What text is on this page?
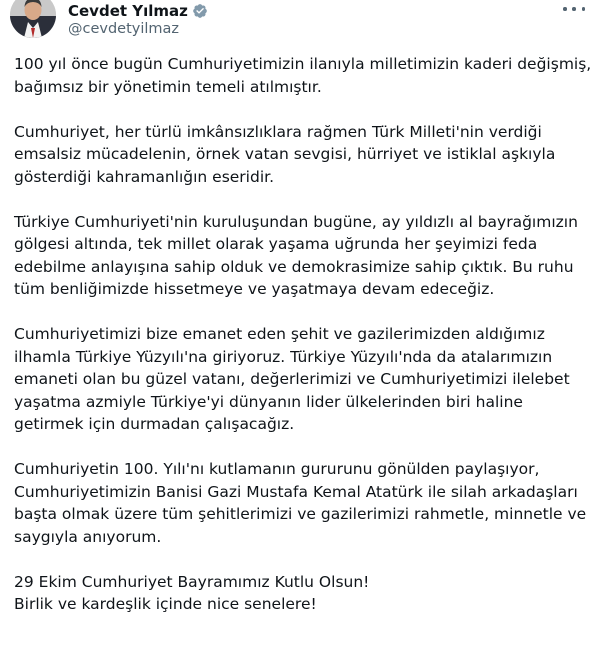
Cevdet Yılmaz
@cevdetyilmaz

100 yıl önce bugün Cumhuriyetimizin ilanıyla milletimizin kaderi değişmiş,
bağımsız bir yönetimin temeli atılmıştır.

Cumhuriyet, her türlü imkânsızlıklara rağmen Türk Milleti'nin verdiği
emsalsiz mücadelenin, örnek vatan sevgisi, hürriyet ve istiklal aşkıyla
gösterdiği kahramanlığın eseridir.

Türkiye Cumhuriyeti'nin kuruluşundan bugüne, ay yıldızlı al bayrağımızın
gölgesi altında, tek millet olarak yaşama uğrunda her şeyimizi feda
edebilme anlayışına sahip olduk ve demokrasimize sahip çıktık. Bu ruhu
tüm benliğimizde hissetmeye ve yaşatmaya devam edeceğiz.

Cumhuriyetimizi bize emanet eden şehit ve gazilerimizden aldığımız
ilhamla Türkiye Yüzyılı'na giriyoruz. Türkiye Yüzyılı'nda da atalarımızın
emaneti olan bu güzel vatanı, değerlerimizi ve Cumhuriyetimizi ilelebet
yaşatma azmiyle Türkiye'yi dünyanın lider ülkelerinden biri haline
getirmek için durmadan çalışacağız.

Cumhuriyetin 100. Yılı'nı kutlamanın gururunu gönülden paylaşıyor,
Cumhuriyetimizin Banisi Gazi Mustafa Kemal Atatürk ile silah arkadaşları
başta olmak üzere tüm şehitlerimizi ve gazilerimizi rahmetle, minnetle ve
saygıyla anıyorum.

29 Ekim Cumhuriyet Bayramımız Kutlu Olsun!
Birlik ve kardeşlik içinde nice senelere!
